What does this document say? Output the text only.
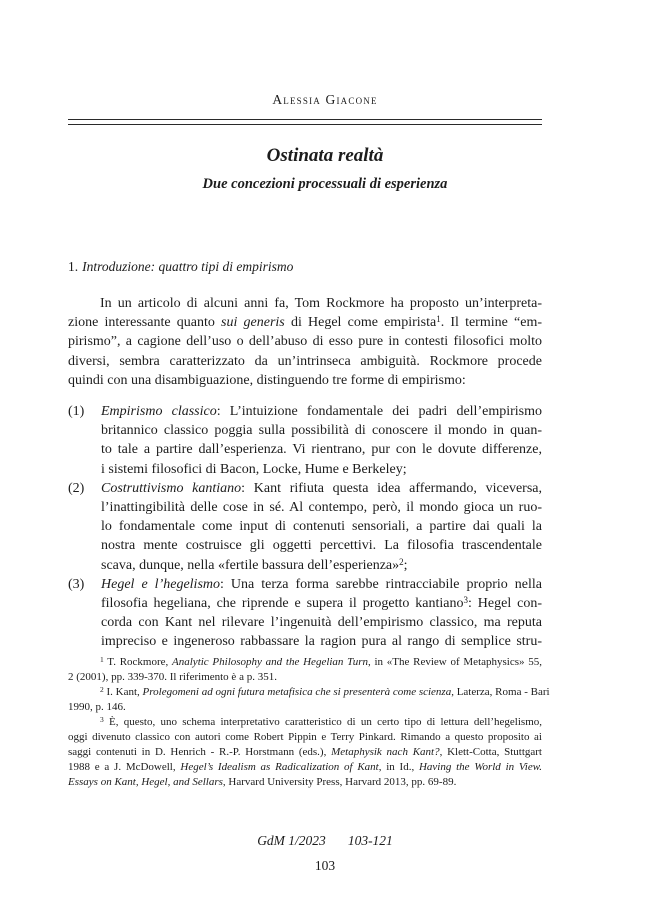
Alessia Giacone
Ostinata realtà
Due concezioni processuali di esperienza
1. Introduzione: quattro tipi di empirismo
In un articolo di alcuni anni fa, Tom Rockmore ha proposto un’interpreta-
zione interessante quanto sui generis di Hegel come empirista$^1$. Il termine “em-
pirismo”, a cagione dell’uso o dell’abuso di esso pure in contesti filosofici molto
diversi, sembra caratterizzato da un’intrinseca ambiguità. Rockmore procede
quindi con una disambiguazione, distinguendo tre forme di empirismo:
(1) Empirismo classico: L’intuizione fondamentale dei padri dell’empirismo
britannico classico poggia sulla possibilità di conoscere il mondo in quan-
to tale a partire dall’esperienza. Vi rientrano, pur con le dovute differenze,
i sistemi filosofici di Bacon, Locke, Hume e Berkeley;
(2) Costruttivismo kantiano: Kant rifiuta questa idea affermando, viceversa,
l’inattingibilità delle cose in sé. Al contempo, però, il mondo gioca un ruo-
lo fondamentale come input di contenuti sensoriali, a partire dai quali la
nostra mente costruisce gli oggetti percettivi. La filosofia trascendentale
scava, dunque, nella «fertile bassura dell’esperienza»$^2$;
(3) Hegel e l’hegelismo: Una terza forma sarebbe rintracciabile proprio nella
filosofia hegeliana, che riprende e supera il progetto kantiano$^3$: Hegel con-
corda con Kant nel rilevare l’ingenuità dell’empirismo classico, ma reputa
impreciso e ingeneroso rabbassare la ragion pura al rango di semplice stru-
$^1$ T. Rockmore, Analytic Philosophy and the Hegelian Turn, in «The Review of Metaphysics» 55,
2 (2001), pp. 339-370. Il riferimento è a p. 351.
$^2$ I. Kant, Prolegomeni ad ogni futura metafisica che si presenterà come scienza, Laterza, Roma - Bari
1990, p. 146.
$^3$ È, questo, uno schema interpretativo caratteristico di un certo tipo di lettura dell’hegelismo,
oggi divenuto classico con autori come Robert Pippin e Terry Pinkard. Rimando a questo proposito ai
saggi contenuti in D. Henrich - R.-P. Horstmann (eds.), Metaphysik nach Kant?, Klett-Cotta, Stuttgart
1988 e a J. McDowell, Hegel’s Idealism as Radicalization of Kant, in Id., Having the World in View.
Essays on Kant, Hegel, and Sellars, Harvard University Press, Harvard 2013, pp. 69-89.
GdM 1/2023 103-121
103
